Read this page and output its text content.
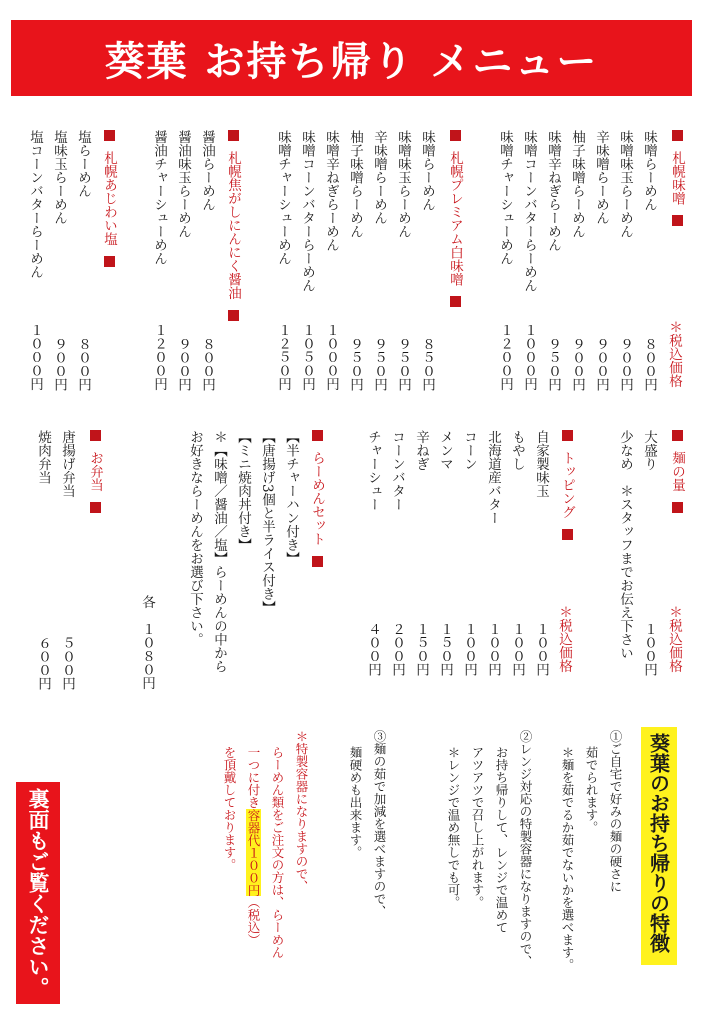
葵葉 お持ち帰り メニュー
札幌味噌
＊税込価格
味噌らーめん
８００円
味噌味玉らーめん
９００円
辛味噌らーめん
９００円
柚子味噌らーめん
９００円
味噌辛ねぎらーめん
９５０円
味噌コーンバターらーめん
１０００円
味噌チャーシューめん
１２００円
札幌プレミアム白味噌
味噌らーめん
８５０円
味噌味玉らーめん
９５０円
辛味噌らーめん
９５０円
柚子味噌らーめん
９５０円
味噌辛ねぎらーめん
１０００円
味噌コーンバターらーめん
１０５０円
味噌チャーシューめん
１２５０円
札幌焦がしにんにく醤油
醤油らーめん
８００円
醤油味玉らーめん
９００円
醤油チャーシューめん
１２００円
札幌あじわい塩
塩らーめん
８００円
塩味玉らーめん
９００円
塩コーンバターらーめん
１０００円
麺の量
＊税込価格
大盛り
１００円
少なめ　＊スタッフまでお伝え下さい
トッピング
＊税込価格
自家製味玉
１００円
もやし
１００円
北海道産バター
１００円
コーン
１００円
メンマ
１５０円
辛ねぎ
１５０円
コーンバター
２００円
チャーシュー
４００円
らーめんセット
【半チャーハン付き】
【唐揚げ3個と半ライス付き】
【ミニ焼肉丼付き】
＊【味噌／醤油／塩】らーめんの中から
お好きならーめんをお選び下さい。
各　１０８０円
お弁当
唐揚げ弁当
５００円
焼肉弁当
６００円
葵葉のお持ち帰りの特徴
①ご自宅で好みの麺の硬さに
茹でられます。
＊麺を茹でるか茹でないかを選べます。
②レンジ対応の特製容器になりますので、
お持ち帰りして、レンジで温めて
アツアツで召し上がれます。
＊レンジで温め無しでも可。
③麺の茹で加減を選べますので、
麺硬めも出来ます。
＊特製容器になりますので、
らーめん類をご注文の方は、らーめん
一つに付き容器代１００円（税込）
を頂戴しております。
裏面もご覧ください。
